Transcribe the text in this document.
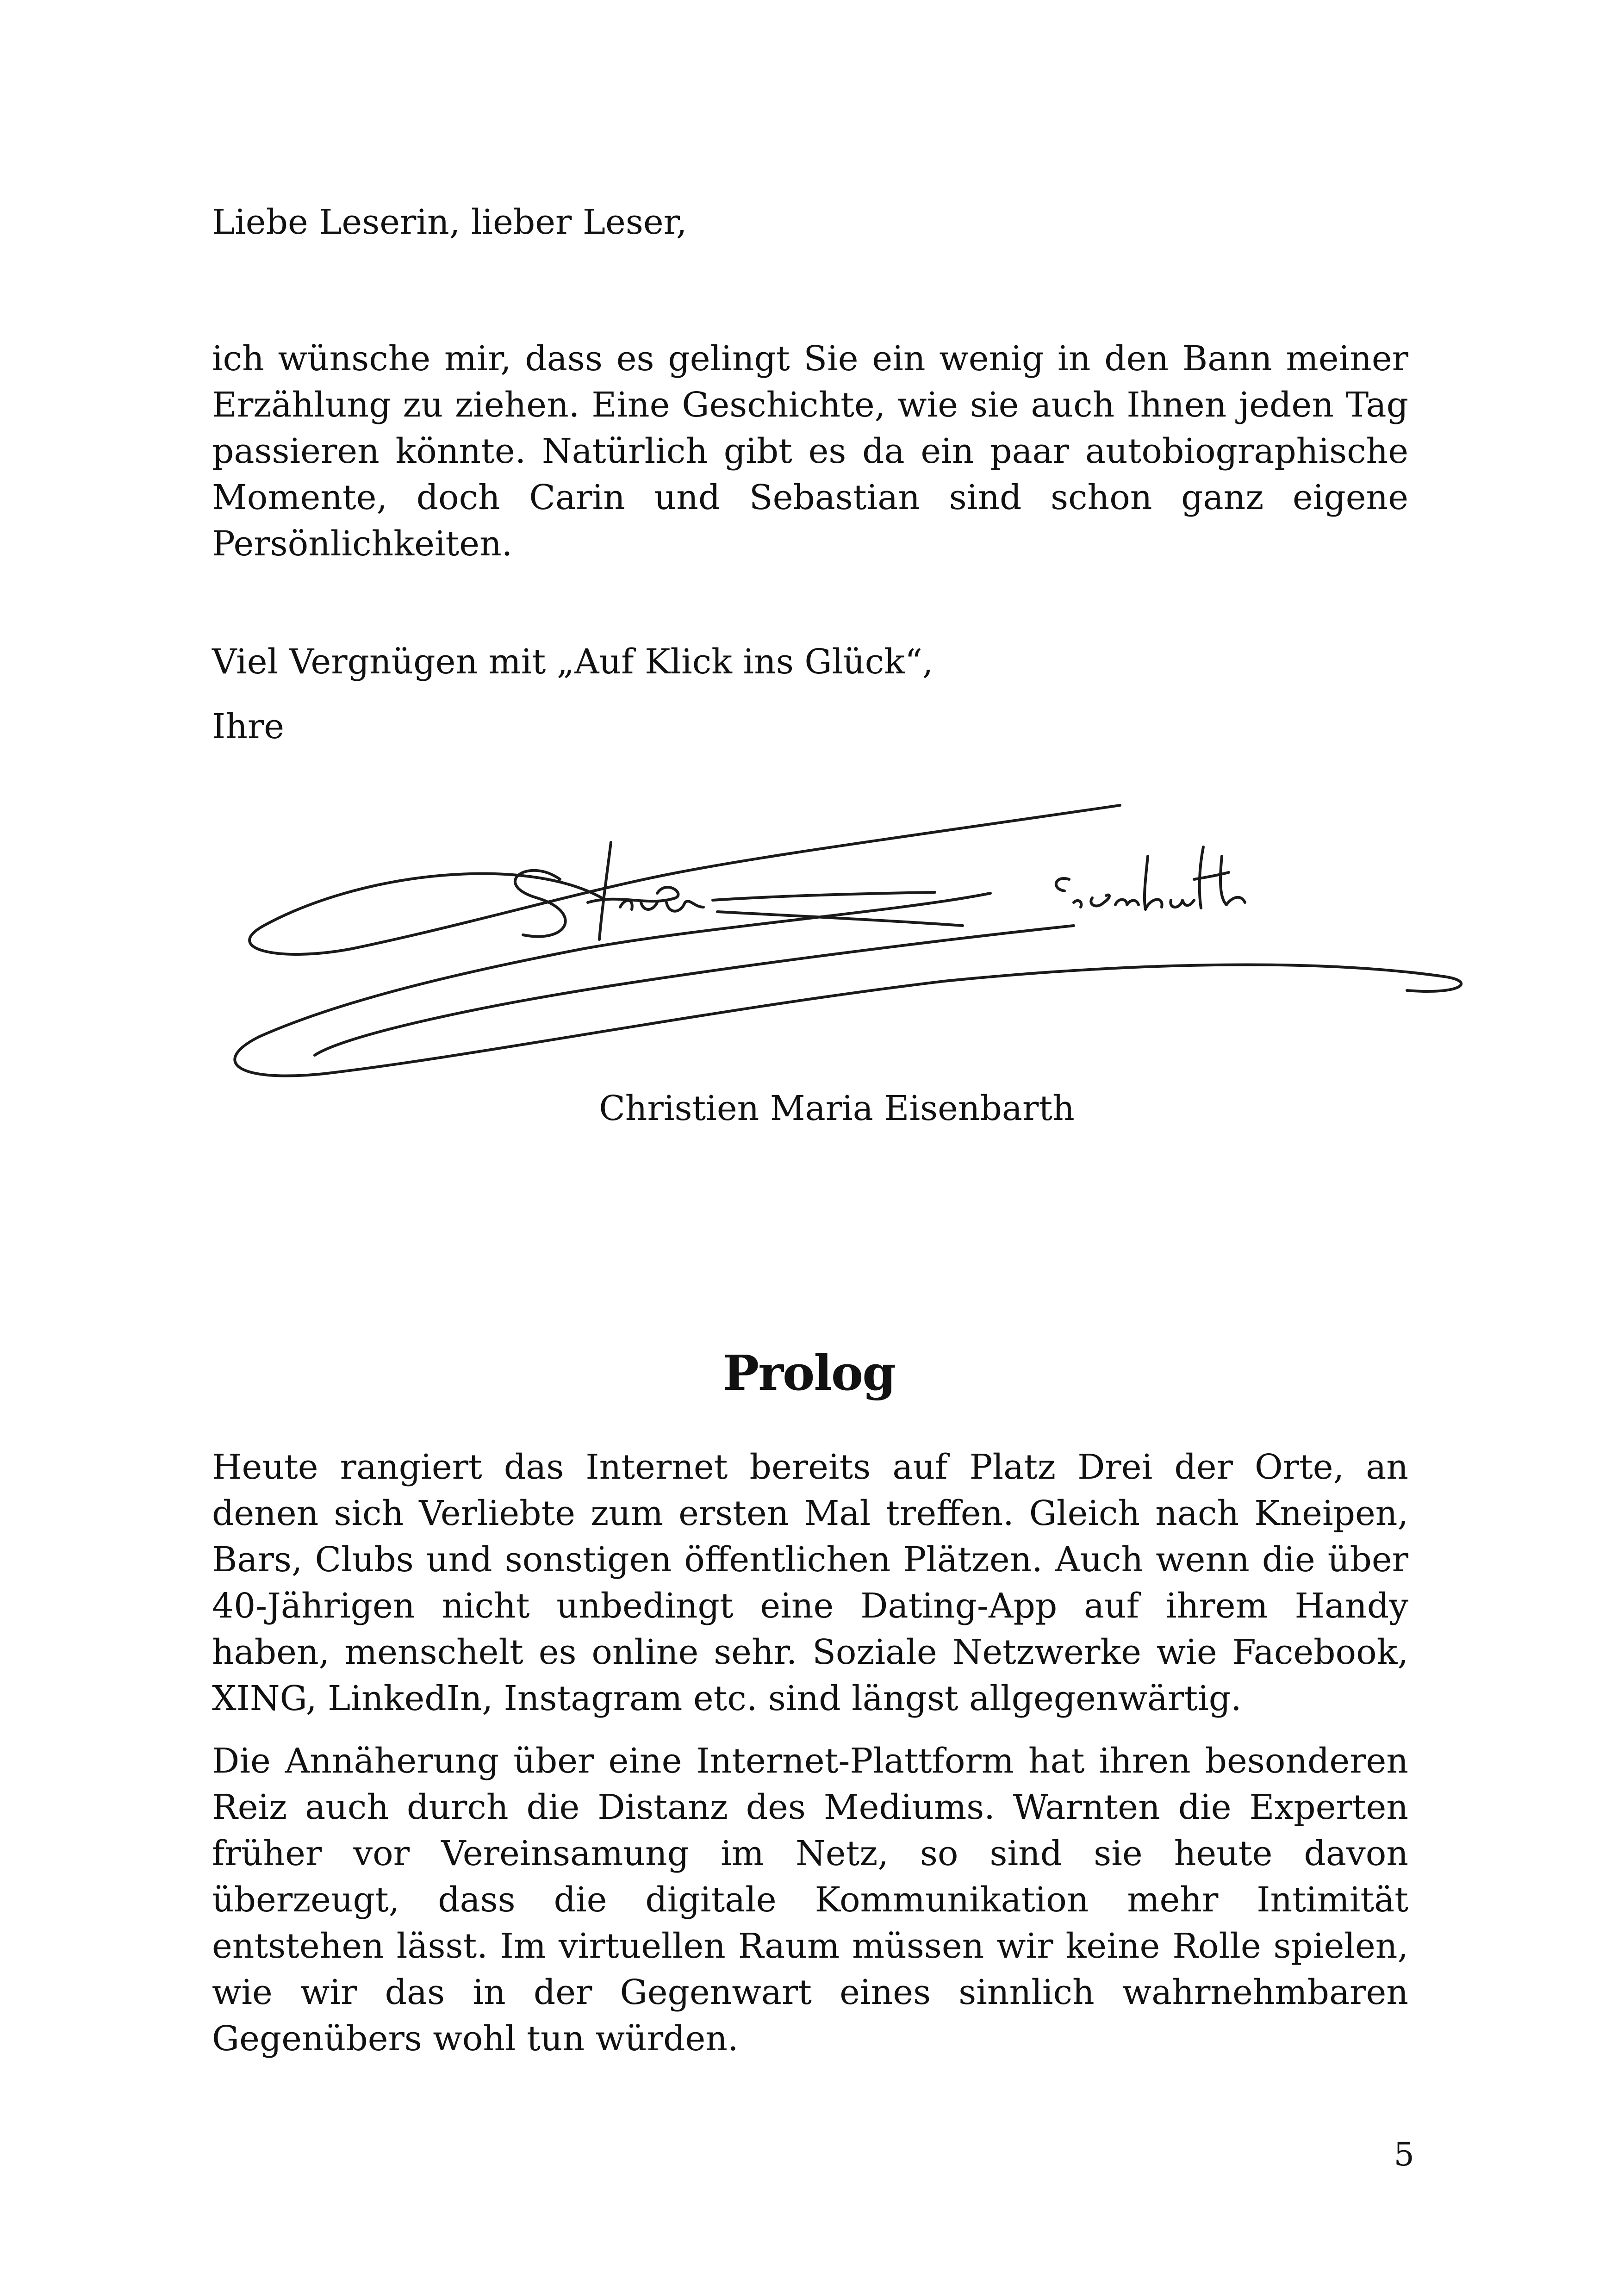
Liebe Leserin, lieber Leser,

ich wünsche mir, dass es gelingt Sie ein wenig in den Bann meiner Erzählung zu ziehen. Eine Geschichte, wie sie auch Ihnen jeden Tag passieren könnte. Natürlich gibt es da ein paar autobiographische Momente, doch Carin und Sebastian sind schon ganz eigene Persönlichkeiten.

Viel Vergnügen mit „Auf Klick ins Glück“,

Ihre

Christien Maria Eisenbarth
Prolog

Heute rangiert das Internet bereits auf Platz Drei der Orte, an denen sich Verliebte zum ersten Mal treffen. Gleich nach Kneipen, Bars, Clubs und sonstigen öffentlichen Plätzen. Auch wenn die über 40-Jährigen nicht unbedingt eine Dating-App auf ihrem Handy haben, menschelt es online sehr. Soziale Netzwerke wie Facebook, XING, LinkedIn, Instagram etc. sind längst allgegenwärtig.

Die Annäherung über eine Internet-Plattform hat ihren besonderen Reiz auch durch die Distanz des Mediums. Warnten die Experten früher vor Vereinsamung im Netz, so sind sie heute davon überzeugt, dass die digitale Kommunikation mehr Intimität entstehen lässt. Im virtuellen Raum müssen wir keine Rolle spielen, wie wir das in der Gegenwart eines sinnlich wahrnehmbaren Gegenübers wohl tun würden.

5
